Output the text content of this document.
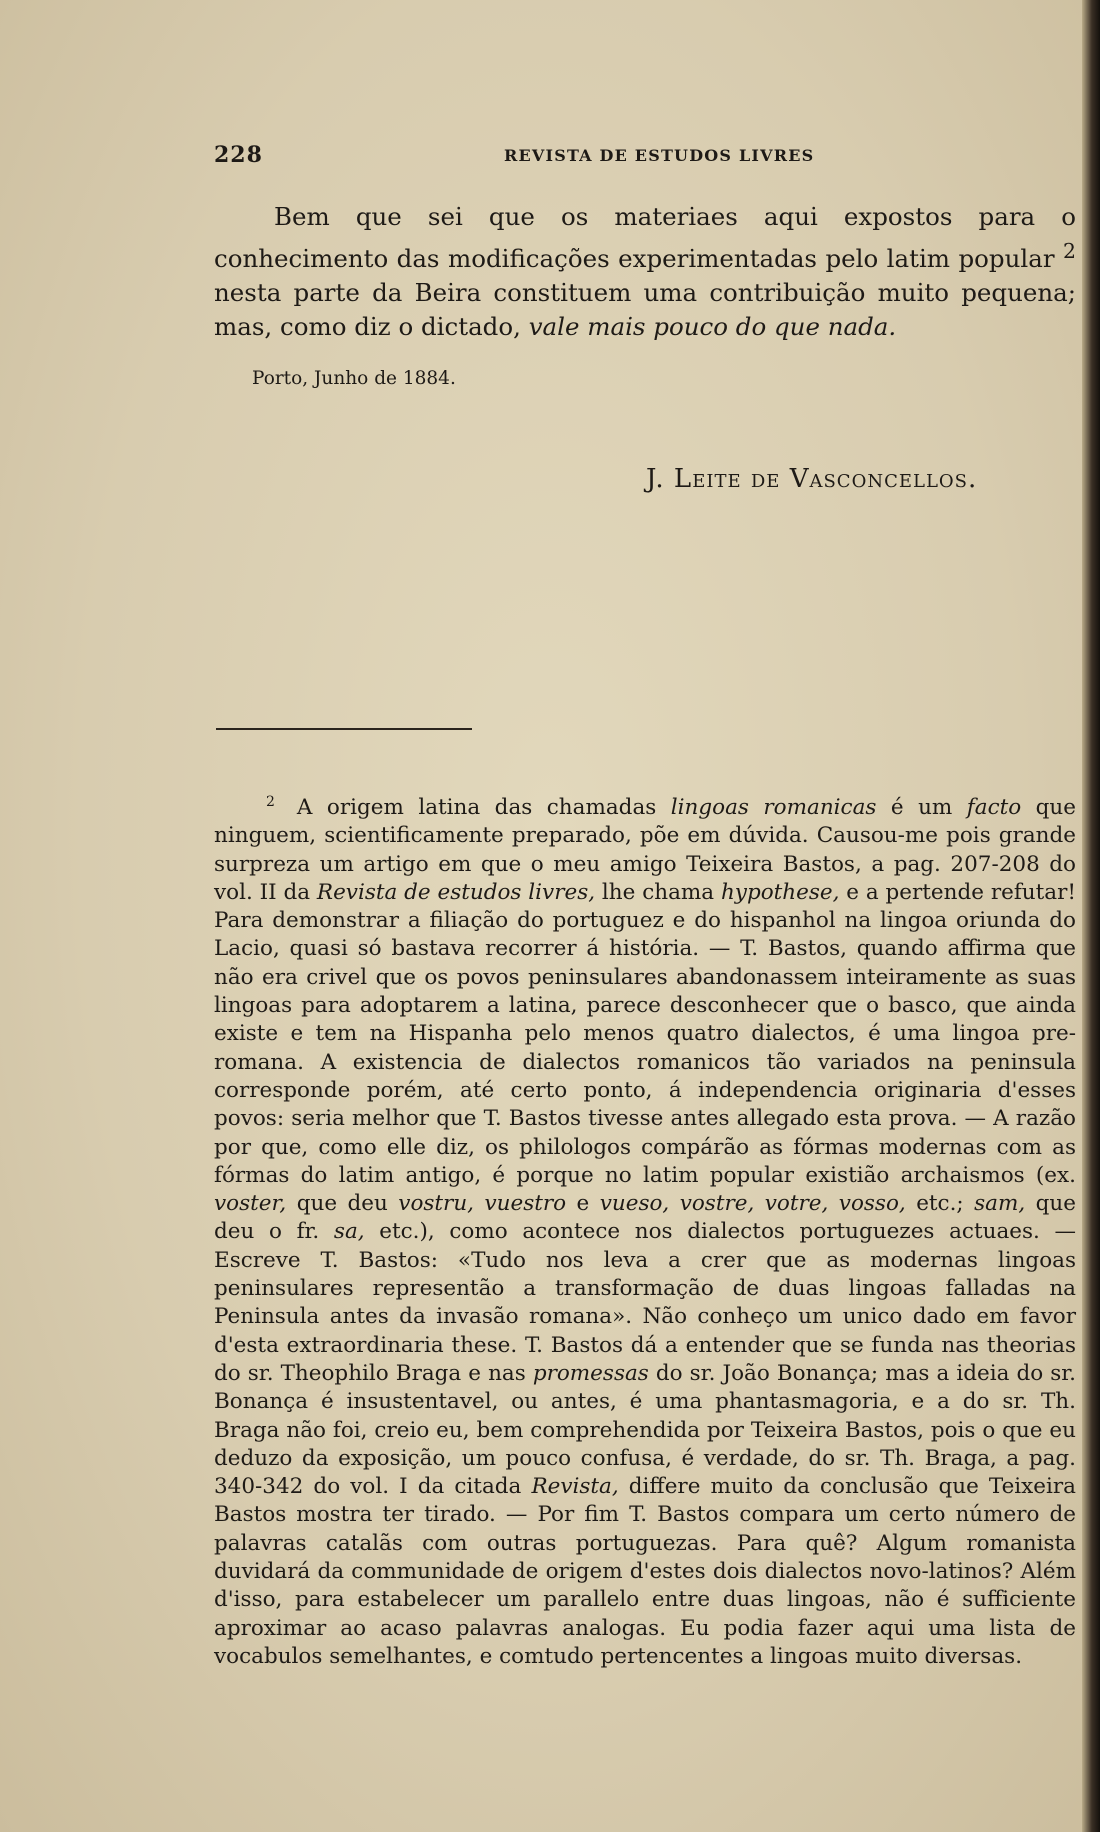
228	REVISTA DE ESTUDOS LIVRES

Bem que sei que os materiaes aqui expostos para o conhecimento das modificações experimentadas pelo latim popular $^2$ nesta parte da Beira constituem uma contribuição muito pequena; mas, como diz o dictado, vale mais pouco do que nada.

Porto, Junho de 1884.
J. Leite de Vasconcellos.

$^2$ A origem latina das chamadas lingoas romanicas é um facto que ninguem, scientificamente preparado, põe em dúvida. Causou-me pois grande surpreza um artigo em que o meu amigo Teixeira Bastos, a pag. 207-208 do vol. II da Revista de estudos livres, lhe chama hypothese, e a pertende refutar! Para demonstrar a filiação do portuguez e do hispanhol na lingoa oriunda do Lacio, quasi só bastava recorrer á história. — T. Bastos, quando affirma que não era crivel que os povos peninsulares abandonassem inteiramente as suas lingoas para adoptarem a latina, parece desconhecer que o basco, que ainda existe e tem na Hispanha pelo menos quatro dialectos, é uma lingoa pre-romana. A existencia de dialectos romanicos tão variados na peninsula corresponde porém, até certo ponto, á independencia originaria d'esses povos: seria melhor que T. Bastos tivesse antes allegado esta prova. — A razão por que, como elle diz, os philologos compárão as fórmas modernas com as fórmas do latim antigo, é porque no latim popular existião archaismos (ex. voster, que deu vostru, vuestro e vueso, vostre, votre, vosso, etc.; sam, que deu o fr. sa, etc.), como acontece nos dialectos portuguezes actuaes. — Escreve T. Bastos: «Tudo nos leva a crer que as modernas lingoas peninsulares representão a transformação de duas lingoas falladas na Peninsula antes da invasão romana». Não conheço um unico dado em favor d'esta extraordinaria these. T. Bastos dá a entender que se funda nas theorias do sr. Theophilo Braga e nas promessas do sr. João Bonança; mas a ideia do sr. Bonança é insustentavel, ou antes, é uma phantasmagoria, e a do sr. Th. Braga não foi, creio eu, bem comprehendida por Teixeira Bastos, pois o que eu deduzo da exposição, um pouco confusa, é verdade, do sr. Th. Braga, a pag. 340-342 do vol. I da citada Revista, differe muito da conclusão que Teixeira Bastos mostra ter tirado. — Por fim T. Bastos compara um certo número de palavras catalãs com outras portuguezas. Para quê? Algum romanista duvidará da communidade de origem d'estes dois dialectos novo-latinos? Além d'isso, para estabelecer um parallelo entre duas lingoas, não é sufficiente aproximar ao acaso palavras analogas. Eu podia fazer aqui uma lista de vocabulos semelhantes, e comtudo pertencentes a lingoas muito diversas.
